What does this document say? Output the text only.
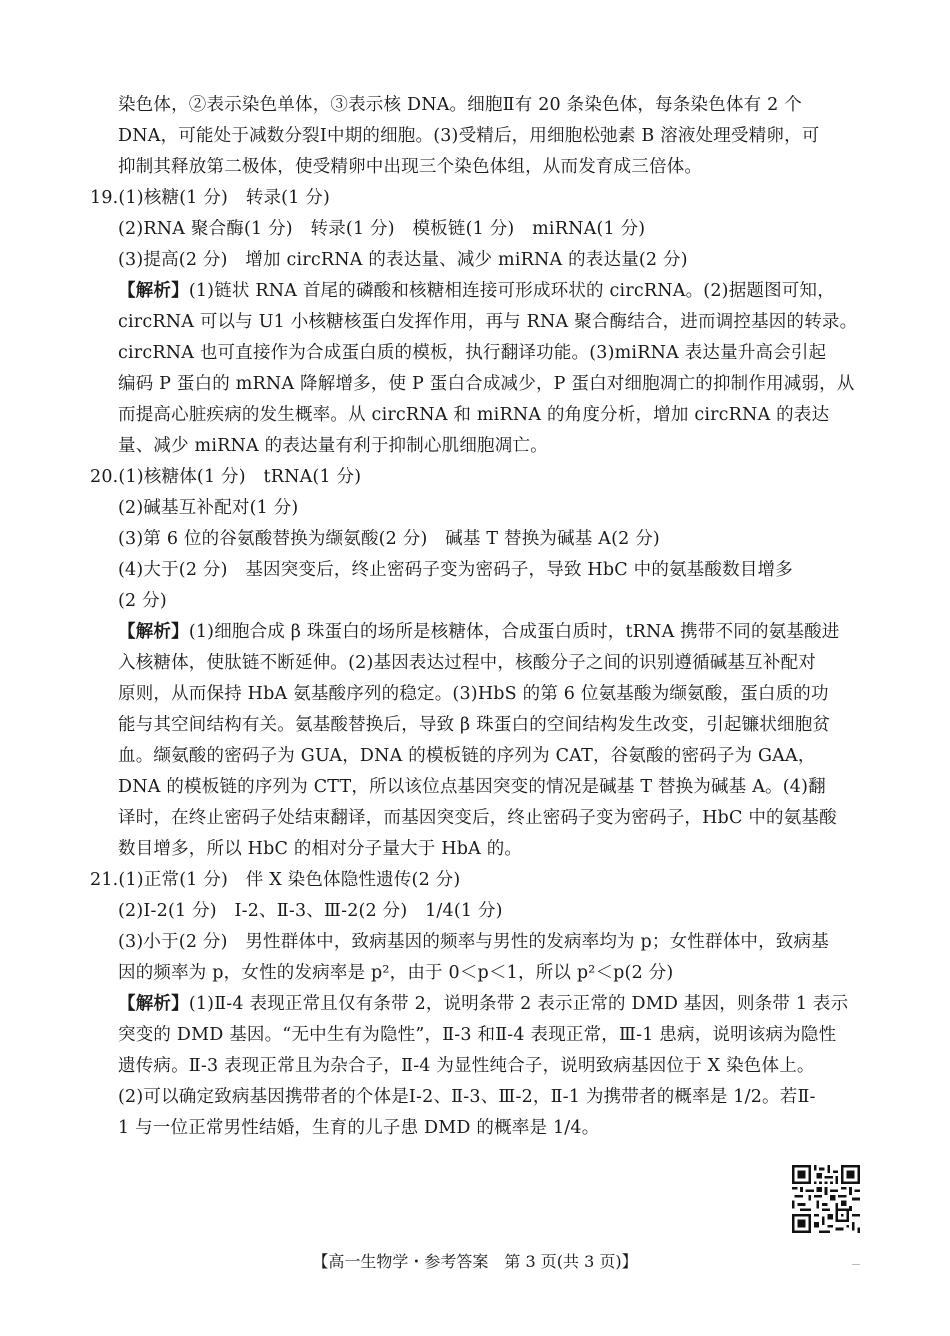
染色体，②表示染色单体，③表示核 DNA。细胞Ⅱ有 20 条染色体，每条染色体有 2 个
DNA，可能处于减数分裂Ⅰ中期的细胞。(3)受精后，用细胞松弛素 B 溶液处理受精卵，可
抑制其释放第二极体，使受精卵中出现三个染色体组，从而发育成三倍体。
19.(1)核糖(1 分)　转录(1 分)
(2)RNA 聚合酶(1 分)　转录(1 分)　模板链(1 分)　miRNA(1 分)
(3)提高(2 分)　增加 circRNA 的表达量、减少 miRNA 的表达量(2 分)
【解析】(1)链状 RNA 首尾的磷酸和核糖相连接可形成环状的 circRNA。(2)据题图可知，
circRNA 可以与 U1 小核糖核蛋白发挥作用，再与 RNA 聚合酶结合，进而调控基因的转录。
circRNA 也可直接作为合成蛋白质的模板，执行翻译功能。(3)miRNA 表达量升高会引起
编码 P 蛋白的 mRNA 降解增多，使 P 蛋白合成减少，P 蛋白对细胞凋亡的抑制作用减弱，从
而提高心脏疾病的发生概率。从 circRNA 和 miRNA 的角度分析，增加 circRNA 的表达
量、减少 miRNA 的表达量有利于抑制心肌细胞凋亡。
20.(1)核糖体(1 分)　tRNA(1 分)
(2)碱基互补配对(1 分)
(3)第 6 位的谷氨酸替换为缬氨酸(2 分)　碱基 T 替换为碱基 A(2 分)
(4)大于(2 分)　基因突变后，终止密码子变为密码子，导致 HbC 中的氨基酸数目增多
(2 分)
【解析】(1)细胞合成 β 珠蛋白的场所是核糖体，合成蛋白质时，tRNA 携带不同的氨基酸进
入核糖体，使肽链不断延伸。(2)基因表达过程中，核酸分子之间的识别遵循碱基互补配对
原则，从而保持 HbA 氨基酸序列的稳定。(3)HbS 的第 6 位氨基酸为缬氨酸，蛋白质的功
能与其空间结构有关。氨基酸替换后，导致 β 珠蛋白的空间结构发生改变，引起镰状细胞贫
血。缬氨酸的密码子为 GUA，DNA 的模板链的序列为 CAT，谷氨酸的密码子为 GAA，
DNA 的模板链的序列为 CTT，所以该位点基因突变的情况是碱基 T 替换为碱基 A。(4)翻
译时，在终止密码子处结束翻译，而基因突变后，终止密码子变为密码子，HbC 中的氨基酸
数目增多，所以 HbC 的相对分子量大于 HbA 的。
21.(1)正常(1 分)　伴 X 染色体隐性遗传(2 分)
(2)Ⅰ-2(1 分)　Ⅰ-2、Ⅱ-3、Ⅲ-2(2 分)　1/4(1 分)
(3)小于(2 分)　男性群体中，致病基因的频率与男性的发病率均为 p；女性群体中，致病基
因的频率为 p，女性的发病率是 p²，由于 0＜p＜1，所以 p²＜p(2 分)
【解析】(1)Ⅱ-4 表现正常且仅有条带 2，说明条带 2 表示正常的 DMD 基因，则条带 1 表示
突变的 DMD 基因。“无中生有为隐性”，Ⅱ-3 和Ⅱ-4 表现正常，Ⅲ-1 患病，说明该病为隐性
遗传病。Ⅱ-3 表现正常且为杂合子，Ⅱ-4 为显性纯合子，说明致病基因位于 X 染色体上。
(2)可以确定致病基因携带者的个体是Ⅰ-2、Ⅱ-3、Ⅲ-2，Ⅱ-1 为携带者的概率是 1/2。若Ⅱ-
1 与一位正常男性结婚，生育的儿子患 DMD 的概率是 1/4。
【高一生物学・参考答案　第 3 页(共 3 页)】
